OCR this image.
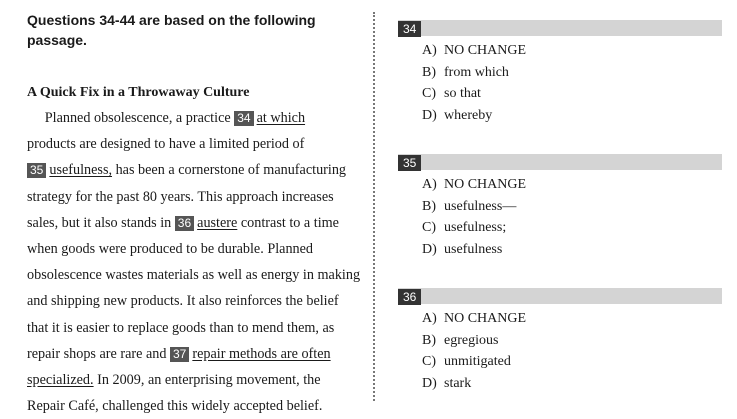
Questions 34-44 are based on the following passage.
A Quick Fix in a Throwaway Culture

Planned obsolescence, a practice 34 at which

products are designed to have a limited period of

35 usefulness, has been a cornerstone of manufacturing

strategy for the past 80 years. This approach increases

sales, but it also stands in 36 austere contrast to a time

when goods were produced to be durable. Planned

obsolescence wastes materials as well as energy in making

and shipping new products. It also reinforces the belief

that it is easier to replace goods than to mend them, as

repair shops are rare and 37 repair methods are often

specialized. In 2009, an enterprising movement, the

Repair Café, challenged this widely accepted belief.

34
A) NO CHANGE
B) from which
C) so that
D) whereby
35
A) NO CHANGE
B) usefulness—
C) usefulness;
D) usefulness
36
A) NO CHANGE
B) egregious
C) unmitigated
D) stark
